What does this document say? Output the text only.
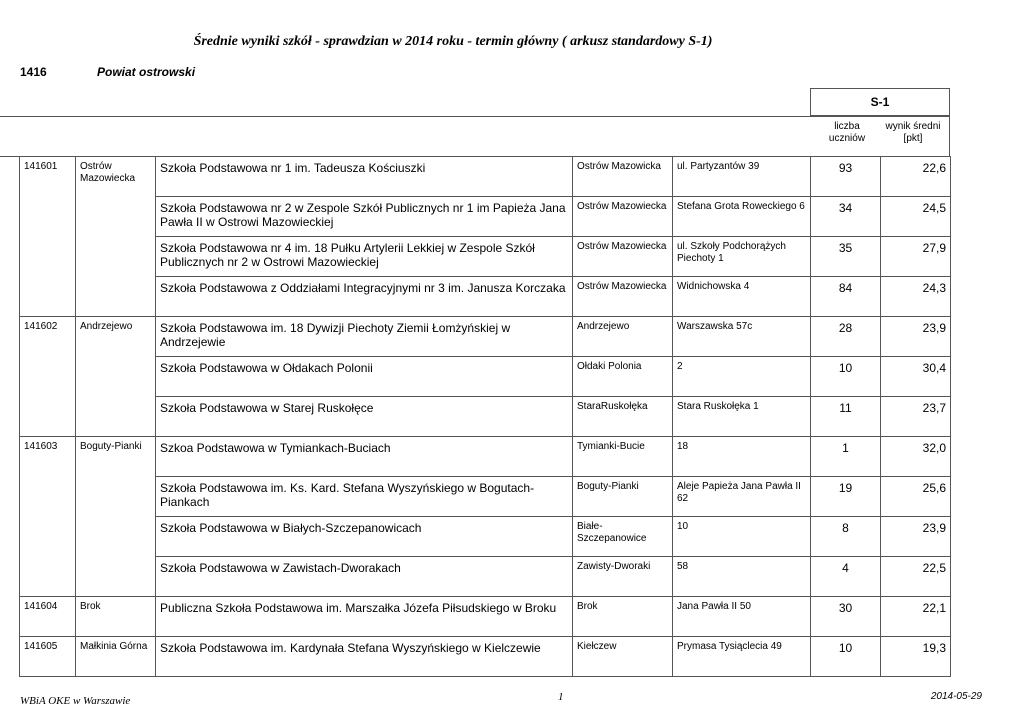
Średnie wyniki szkół - sprawdzian w 2014 roku - termin główny ( arkusz standardowy S-1)
1416	Powiat ostrowski
S-1
liczba uczniów
wynik średni [pkt]
141601	Ostrów Mazowiecka	Szkoła Podstawowa nr 1 im. Tadeusza Kościuszki	Ostrów Mazowicka	ul. Partyzantów 39	93	22,6
		Szkoła Podstawowa nr 2 w Zespole Szkół Publicznych nr 1 im Papieża Jana Pawła II w Ostrowi Mazowieckiej	Ostrów Mazowiecka	Stefana Grota Roweckiego 6	34	24,5
		Szkoła Podstawowa nr 4 im. 18 Pułku Artylerii Lekkiej w Zespole Szkół Publicznych nr 2 w Ostrowi Mazowieckiej	Ostrów Mazowiecka	ul. Szkoły Podchorążych Piechoty 1	35	27,9
		Szkoła Podstawowa z Oddziałami Integracyjnymi nr 3 im. Janusza Korczaka	Ostrów Mazowiecka	Widnichowska 4	84	24,3
141602	Andrzejewo	Szkoła Podstawowa im. 18 Dywizji Piechoty Ziemii Łomżyńskiej w Andrzejewie	Andrzejewo	Warszawska 57c	28	23,9
		Szkoła Podstawowa w Ołdakach Polonii	Ołdaki Polonia	2	10	30,4
		Szkoła Podstawowa w Starej Ruskołęce	StaraRuskołęka	Stara Ruskołęka 1	11	23,7
141603	Boguty-Pianki	Szkoa Podstawowa w Tymiankach-Buciach	Tymianki-Bucie	18	1	32,0
		Szkoła Podstawowa im. Ks. Kard. Stefana Wyszyńskiego w Bogutach-Piankach	Boguty-Pianki	Aleje Papieża Jana Pawła II 62	19	25,6
		Szkoła Podstawowa w Białych-Szczepanowicach	Białe-Szczepanowice	10	8	23,9
		Szkoła Podstawowa w Zawistach-Dworakach	Zawisty-Dworaki	58	4	22,5
141604	Brok	Publiczna Szkoła Podstawowa im. Marszałka Józefa Piłsudskiego w Broku	Brok	Jana Pawła II 50	30	22,1
141605	Małkinia Górna	Szkoła Podstawowa im. Kardynała Stefana Wyszyńskiego w Kielczewie	Kiełczew	Prymasa Tysiąclecia 49	10	19,3
WBiA OKE w Warszawie	1	2014-05-29
